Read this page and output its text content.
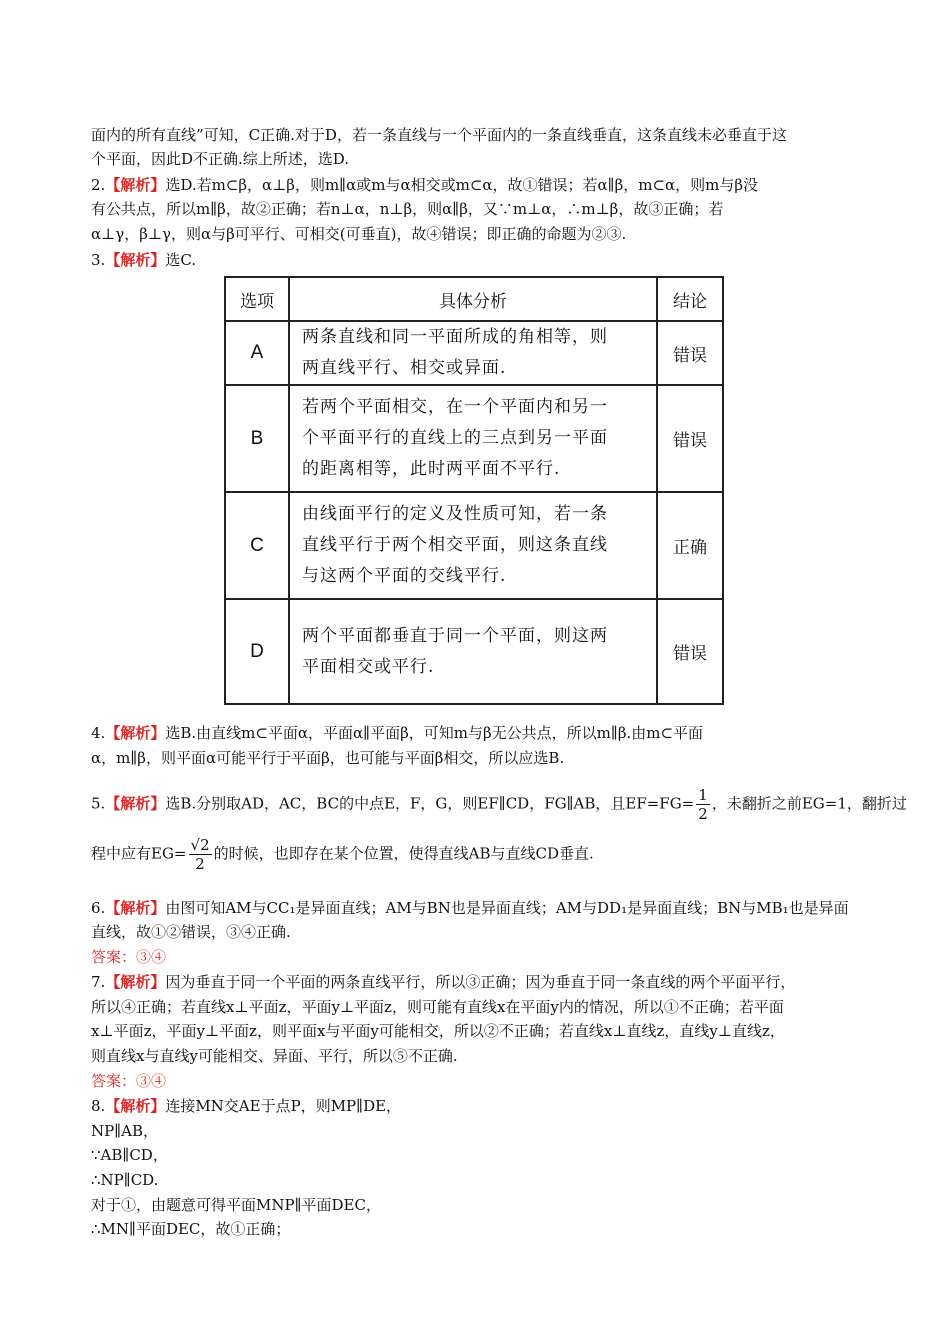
面内的所有直线”可知，C正确.对于D，若一条直线与一个平面内的一条直线垂直，这条直线未必垂直于这
个平面，因此D不正确.综上所述，选D.
2.【解析】选D.若m⊂β，α⊥β，则m∥α或m与α相交或m⊂α，故①错误；若α∥β，m⊂α，则m与β没
有公共点，所以m∥β，故②正确；若n⊥α，n⊥β，则α∥β，又∵m⊥α，∴m⊥β，故③正确；若
α⊥γ，β⊥γ，则α与β可平行、可相交(可垂直)，故④错误；即正确的命题为②③.
3.【解析】选C.
选项	具体分析	结论
A	两条直线和同一平面所成的角相等，则
两直线平行、相交或异面.	错误
B	若两个平面相交，在一个平面内和另一
个平面平行的直线上的三点到另一平面
的距离相等，此时两平面不平行.	错误
C	由线面平行的定义及性质可知，若一条
直线平行于两个相交平面，则这条直线
与这两个平面的交线平行.	正确
D	两个平面都垂直于同一个平面，则这两
平面相交或平行.	错误
4.【解析】选B.由直线m⊂平面α，平面α∥平面β，可知m与β无公共点，所以m∥β.由m⊂平面
α，m∥β，则平面α可能平行于平面β，也可能与平面β相交，所以应选B.
5.【解析】选B.分别取AD，AC，BC的中点E，F，G，则EF∥CD，FG∥AB，且$EF=FG= \frac{1}{2}$ ，未翻折之前EG=1，翻折过
程中应有$EG= \frac{√2}{2}$ 的时候，也即存在某个位置，使得直线AB与直线CD垂直.
6.【解析】由图可知AM与CC₁是异面直线；AM与BN也是异面直线；AM与DD₁是异面直线；BN与MB₁也是异面
直线，故①②错误，③④正确.
答案：③④
7.【解析】因为垂直于同一个平面的两条直线平行，所以③正确；因为垂直于同一条直线的两个平面平行，
所以④正确；若直线x⊥平面z，平面y⊥平面z，则可能有直线x在平面y内的情况，所以①不正确；若平面
x⊥平面z，平面y⊥平面z，则平面x与平面y可能相交，所以②不正确；若直线x⊥直线z，直线y⊥直线z，
则直线x与直线y可能相交、异面、平行，所以⑤不正确.
答案：③④
8.【解析】连接MN交AE于点P，则MP∥DE，
NP∥AB，
∵AB∥CD，
∴NP∥CD.
对于①，由题意可得平面MNP∥平面DEC，
∴MN∥平面DEC，故①正确；
